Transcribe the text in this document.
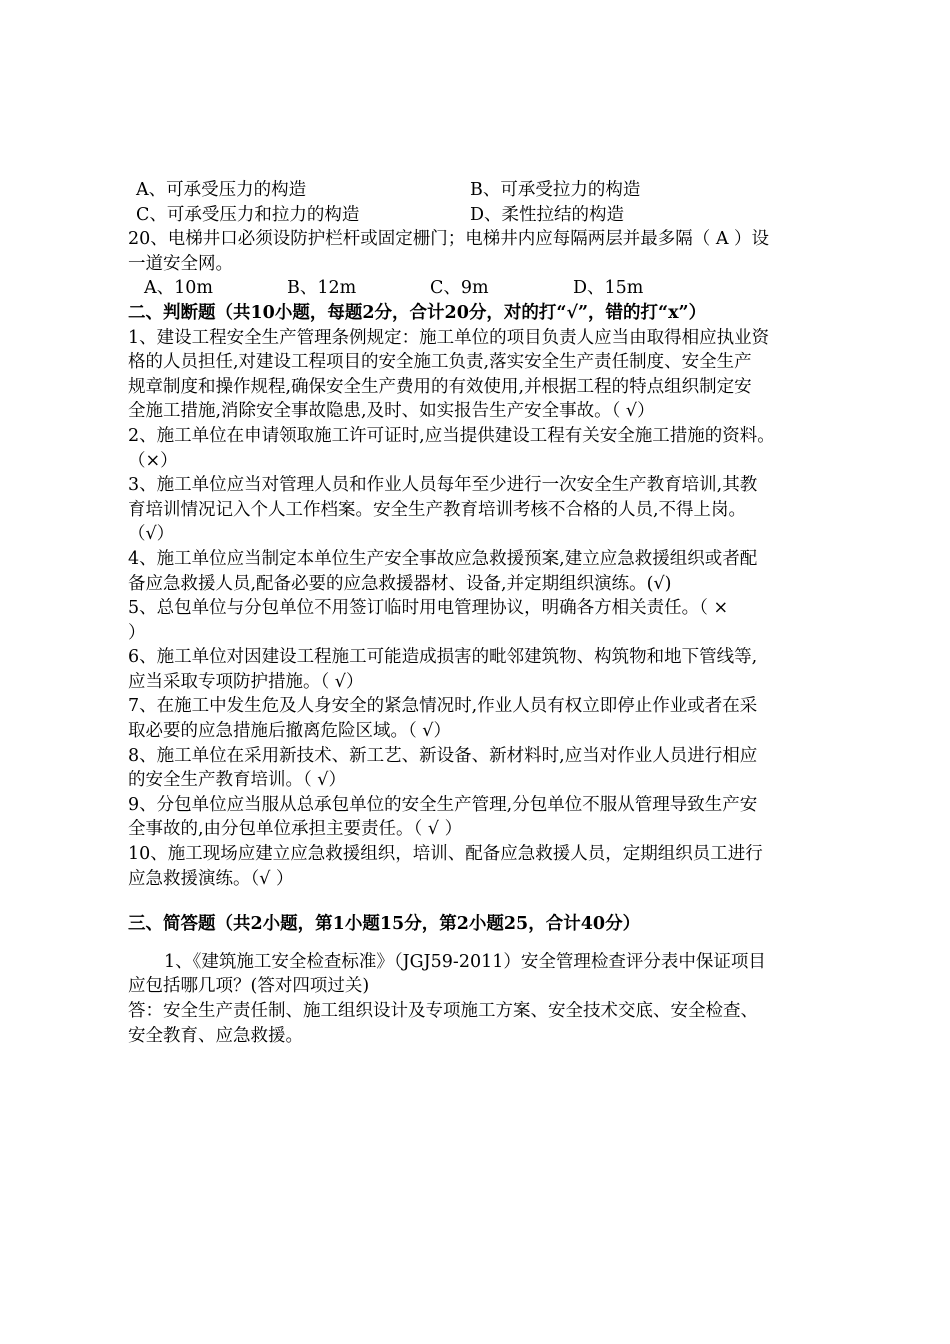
A、可承受压力的构造	B、可承受拉力的构造
C、可承受压力和拉力的构造	D、柔性拉结的构造
20、电梯井口必须设防护栏杆或固定栅门；电梯井内应每隔两层并最多隔（ A ）设
一道安全网。
A、10m	B、12m	C、9m	D、15m
二、判断题（共10小题，每题2分，合计20分，对的打“√”，错的打“x”）
1、建设工程安全生产管理条例规定：施工单位的项目负责人应当由取得相应执业资
格的人员担任,对建设工程项目的安全施工负责,落实安全生产责任制度、安全生产
规章制度和操作规程,确保安全生产费用的有效使用,并根据工程的特点组织制定安
全施工措施,消除安全事故隐患,及时、如实报告生产安全事故。（ √）
2、施工单位在申请领取施工许可证时,应当提供建设工程有关安全施工措施的资料。
（×）
3、施工单位应当对管理人员和作业人员每年至少进行一次安全生产教育培训,其教
育培训情况记入个人工作档案。安全生产教育培训考核不合格的人员,不得上岗。
（√）
4、施工单位应当制定本单位生产安全事故应急救援预案,建立应急救援组织或者配
备应急救援人员,配备必要的应急救援器材、设备,并定期组织演练。(√)
5、总包单位与分包单位不用签订临时用电管理协议，明确各方相关责任。（ ×
）
6、施工单位对因建设工程施工可能造成损害的毗邻建筑物、构筑物和地下管线等,
应当采取专项防护措施。（ √）
7、在施工中发生危及人身安全的紧急情况时,作业人员有权立即停止作业或者在采
取必要的应急措施后撤离危险区域。（ √）
8、施工单位在采用新技术、新工艺、新设备、新材料时,应当对作业人员进行相应
的安全生产教育培训。（ √）
9、分包单位应当服从总承包单位的安全生产管理,分包单位不服从管理导致生产安
全事故的,由分包单位承担主要责任。（ √ ）
10、施工现场应建立应急救援组织，培训、配备应急救援人员，定期组织员工进行
应急救援演练。（√ ）
三、简答题（共2小题，第1小题15分，第2小题25，合计40分）
1、《建筑施工安全检查标准》（JGJ59-2011）安全管理检查评分表中保证项目
应包括哪几项？(答对四项过关)
答：安全生产责任制、施工组织设计及专项施工方案、安全技术交底、安全检查、
安全教育、应急救援。
